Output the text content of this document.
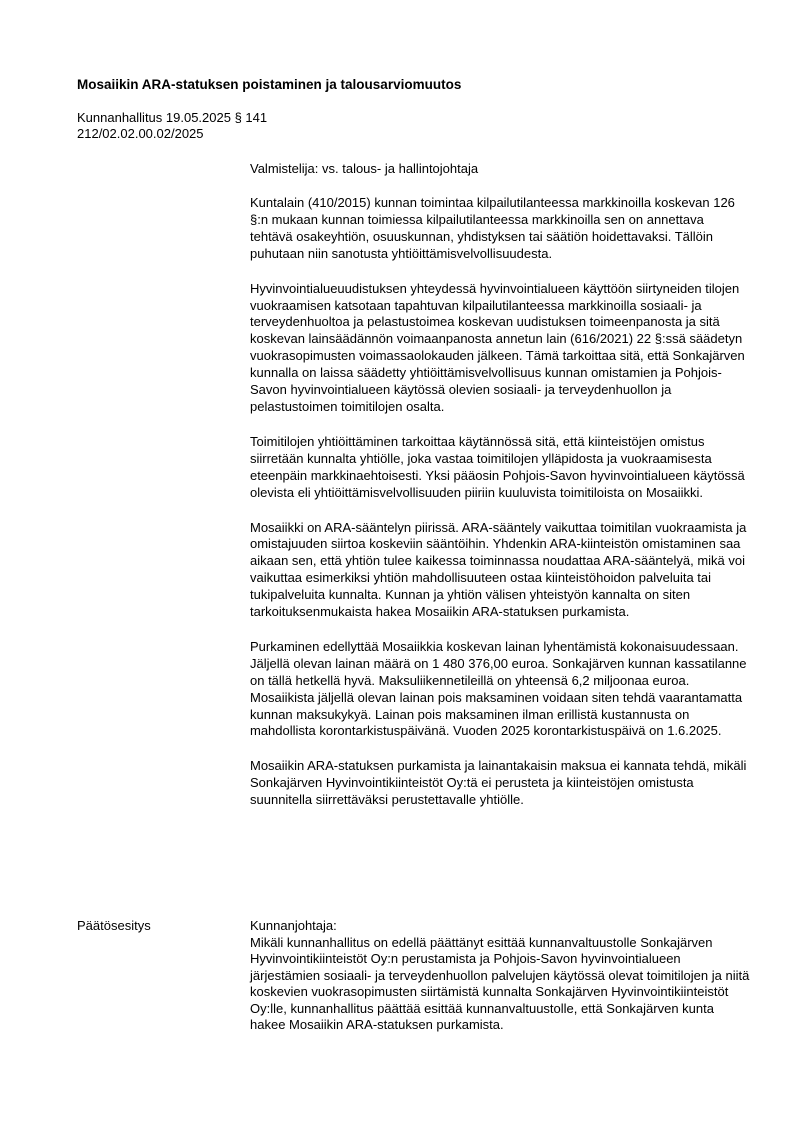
Mosaiikin ARA-statuksen poistaminen ja talousarviomuutos
Kunnanhallitus 19.05.2025 § 141
212/02.02.00.02/2025

Valmistelija: vs. talous- ja hallintojohtaja

Kuntalain (410/2015) kunnan toimintaa kilpailutilanteessa markkinoilla koskevan 126 §:n mukaan kunnan toimiessa kilpailutilanteessa markkinoilla sen on annettava tehtävä osakeyhtiön, osuuskunnan, yhdistyksen tai säätiön hoidettavaksi. Tällöin puhutaan niin sanotusta yhtiöittämisvelvollisuudesta.

Hyvinvointialueuudistuksen yhteydessä hyvinvointialueen käyttöön siirtyneiden tilojen vuokraamisen katsotaan tapahtuvan kilpailutilanteessa markkinoilla sosiaali- ja terveydenhuoltoa ja pelastustoimea koskevan uudistuksen toimeenpanosta ja sitä koskevan lainsäädännön voimaanpanosta annetun lain (616/2021) 22 §:ssä säädetyn vuokrasopimusten voimassaolokauden jälkeen. Tämä tarkoittaa sitä, että Sonkajärven kunnalla on laissa säädetty yhtiöittämisvelvollisuus kunnan omistamien ja Pohjois-Savon hyvinvointialueen käytössä olevien sosiaali- ja terveydenhuollon ja pelastustoimen toimitilojen osalta.

Toimitilojen yhtiöittäminen tarkoittaa käytännössä sitä, että kiinteistöjen omistus siirretään kunnalta yhtiölle, joka vastaa toimitilojen ylläpidosta ja vuokraamisesta eteenpäin markkinaehtoisesti. Yksi pääosin Pohjois-Savon hyvinvointialueen käytössä olevista eli yhtiöittämisvelvollisuuden piiriin kuuluvista toimitiloista on Mosaiikki.

Mosaiikki on ARA-sääntelyn piirissä. ARA-sääntely vaikuttaa toimitilan vuokraamista ja omistajuuden siirtoa koskeviin sääntöihin. Yhdenkin ARA-kiinteistön omistaminen saa aikaan sen, että yhtiön tulee kaikessa toiminnassa noudattaa ARA-sääntelyä, mikä voi vaikuttaa esimerkiksi yhtiön mahdollisuuteen ostaa kiinteistöhoidon palveluita tai tukipalveluita kunnalta. Kunnan ja yhtiön välisen yhteistyön kannalta on siten tarkoituksenmukaista hakea Mosaiikin ARA-statuksen purkamista.

Purkaminen edellyttää Mosaiikkia koskevan lainan lyhentämistä kokonaisuudessaan. Jäljellä olevan lainan määrä on 1 480 376,00 euroa. Sonkajärven kunnan kassatilanne on tällä hetkellä hyvä. Maksuliikennetileillä on yhteensä 6,2 miljoonaa euroa. Mosaiikista jäljellä olevan lainan pois maksaminen voidaan siten tehdä vaarantamatta kunnan maksukykyä. Lainan pois maksaminen ilman erillistä kustannusta on mahdollista korontarkistuspäivänä. Vuoden 2025 korontarkistuspäivä on 1.6.2025.

Mosaiikin ARA-statuksen purkamista ja lainantakaisin maksua ei kannata tehdä, mikäli Sonkajärven Hyvinvointikiinteistöt Oy:tä ei perusteta ja kiinteistöjen omistusta suunnitella siirrettäväksi perustettavalle yhtiölle.

Päätösesitys	Kunnanjohtaja:
Mikäli kunnanhallitus on edellä päättänyt esittää kunnanvaltuustolle Sonkajärven Hyvinvointikiinteistöt Oy:n perustamista ja Pohjois-Savon hyvinvointialueen järjestämien sosiaali- ja terveydenhuollon palvelujen käytössä olevat toimitilojen ja niitä koskevien vuokrasopimusten siirtämistä kunnalta Sonkajärven Hyvinvointikiinteistöt Oy:lle, kunnanhallitus päättää esittää kunnanvaltuustolle, että Sonkajärven kunta hakee Mosaiikin ARA-statuksen purkamista.
